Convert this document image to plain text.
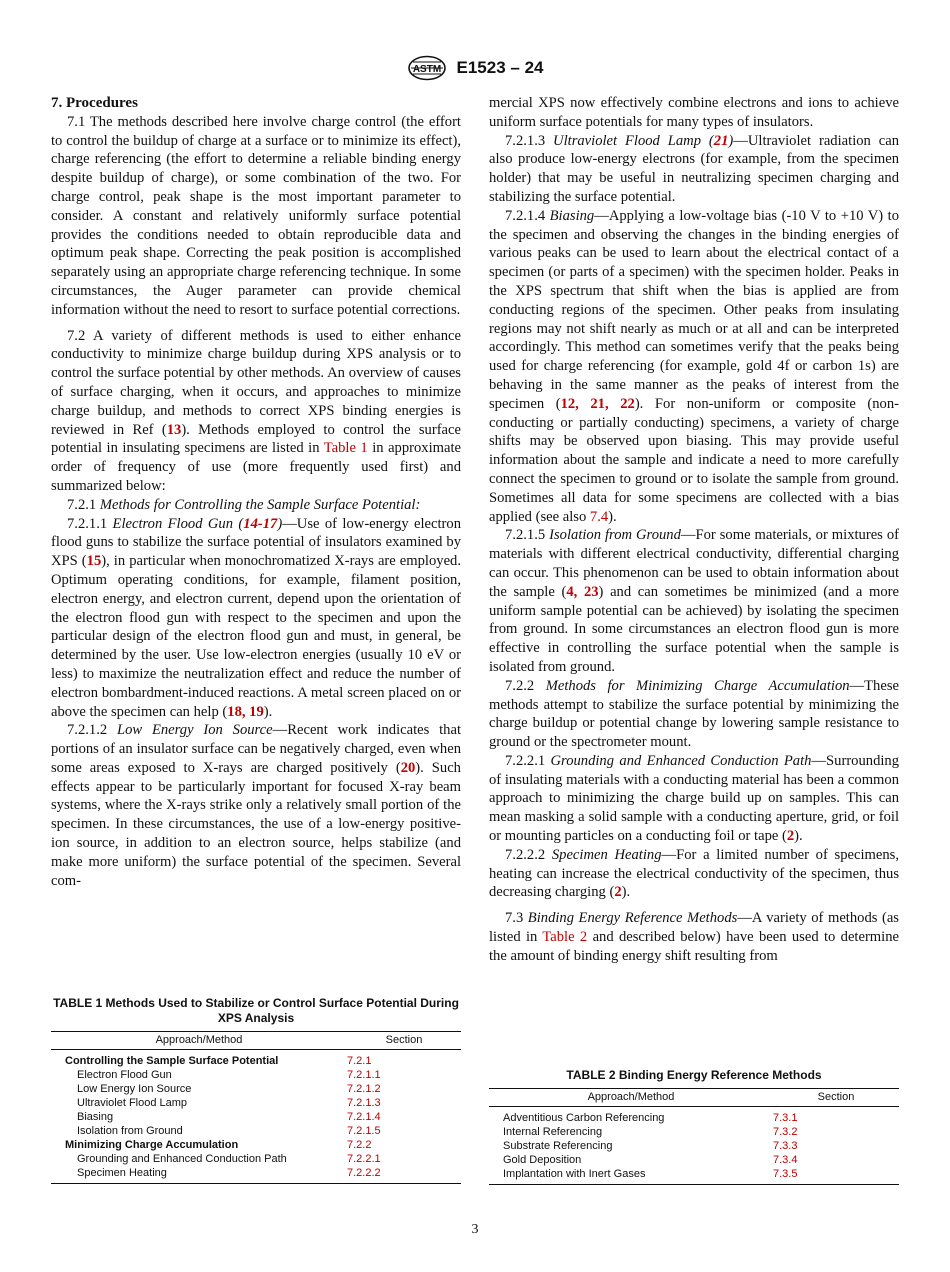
ASTM E1523 – 24

7. Procedures

7.1 The methods described here involve charge control (the effort to control the buildup of charge at a surface or to minimize its effect), charge referencing (the effort to determine a reliable binding energy despite buildup of charge), or some combination of the two. For charge control, peak shape is the most important parameter to consider. A constant and relatively uniformly surface potential provides the conditions needed to obtain reproducible data and optimum peak shape. Correcting the peak position is accomplished separately using an appropriate charge referencing technique. In some circumstances, the Auger parameter can provide chemical information without the need to resort to surface potential corrections.

7.2 A variety of different methods is used to either enhance conductivity to minimize charge buildup during XPS analysis or to control the surface potential by other methods. An overview of causes of surface charging, when it occurs, and approaches to minimize charge buildup, and methods to correct XPS binding energies is reviewed in Ref (13). Methods employed to control the surface potential in insulating specimens are listed in Table 1 in approximate order of frequency of use (more frequently used first) and summarized below:

7.2.1 Methods for Controlling the Sample Surface Potential:

7.2.1.1 Electron Flood Gun (14-17)—Use of low-energy electron flood guns to stabilize the surface potential of insulators examined by XPS (15), in particular when monochromatized X-rays are employed. Optimum operating conditions, for example, filament position, electron energy, and electron current, depend upon the orientation of the electron flood gun with respect to the specimen and upon the particular design of the electron flood gun and must, in general, be determined by the user. Use low-electron energies (usually 10 eV or less) to maximize the neutralization effect and reduce the number of electron bombardment-induced reactions. A metal screen placed on or above the specimen can help (18, 19).

7.2.1.2 Low Energy Ion Source—Recent work indicates that portions of an insulator surface can be negatively charged, even when some areas exposed to X-rays are charged positively (20). Such effects appear to be particularly important for focused X-ray beam systems, where the X-rays strike only a relatively small portion of the specimen. In these circumstances, the use of a low-energy positive-ion source, in addition to an electron source, helps stabilize (and make more uniform) the surface potential of the specimen. Several com-

mercial XPS now effectively combine electrons and ions to achieve uniform surface potentials for many types of insulators.

7.2.1.3 Ultraviolet Flood Lamp (21)—Ultraviolet radiation can also produce low-energy electrons (for example, from the specimen holder) that may be useful in neutralizing specimen charging and stabilizing the surface potential.

7.2.1.4 Biasing—Applying a low-voltage bias (-10 V to +10 V) to the specimen and observing the changes in the binding energies of various peaks can be used to learn about the electrical contact of a specimen (or parts of a specimen) with the specimen holder. Peaks in the XPS spectrum that shift when the bias is applied are from conducting regions of the specimen. Other peaks from insulating regions may not shift nearly as much or at all and can be interpreted accordingly. This method can sometimes verify that the peaks being used for charge referencing (for example, gold 4f or carbon 1s) are behaving in the same manner as the peaks of interest from the specimen (12, 21, 22). For non-uniform or composite (non-conducting or partially conducting) specimens, a variety of charge shifts may be observed upon biasing. This may provide useful information about the sample and indicate a need to more carefully connect the specimen to ground or to isolate the sample from ground. Sometimes all data for some specimens are collected with a bias applied (see also 7.4).

7.2.1.5 Isolation from Ground—For some materials, or mixtures of materials with different electrical conductivity, differential charging can occur. This phenomenon can be used to obtain information about the sample (4, 23) and can sometimes be minimized (and a more uniform sample potential can be achieved) by isolating the specimen from ground. In some circumstances an electron flood gun is more effective in controlling the surface potential when the sample is isolated from ground.

7.2.2 Methods for Minimizing Charge Accumulation—These methods attempt to stabilize the surface potential by minimizing the charge buildup or potential change by lowering sample resistance to ground or the spectrometer mount.

7.2.2.1 Grounding and Enhanced Conduction Path—Surrounding of insulating materials with a conducting material has been a common approach to minimizing the charge build up on samples. This can mean masking a solid sample with a conducting aperture, grid, or foil or mounting particles on a conducting foil or tape (2).

7.2.2.2 Specimen Heating—For a limited number of specimens, heating can increase the electrical conductivity of the specimen, thus decreasing charging (2).

7.3 Binding Energy Reference Methods—A variety of methods (as listed in Table 2 and described below) have been used to determine the amount of binding energy shift resulting from

TABLE 1 Methods Used to Stabilize or Control Surface Potential During XPS Analysis
Approach/Method	Section
Controlling the Sample Surface Potential	7.2.1
Electron Flood Gun	7.2.1.1
Low Energy Ion Source	7.2.1.2
Ultraviolet Flood Lamp	7.2.1.3
Biasing	7.2.1.4
Isolation from Ground	7.2.1.5
Minimizing Charge Accumulation	7.2.2
Grounding and Enhanced Conduction Path	7.2.2.1
Specimen Heating	7.2.2.2
TABLE 2 Binding Energy Reference Methods
Approach/Method	Section
Adventitious Carbon Referencing	7.3.1
Internal Referencing	7.3.2
Substrate Referencing	7.3.3
Gold Deposition	7.3.4
Implantation with Inert Gases	7.3.5
3
